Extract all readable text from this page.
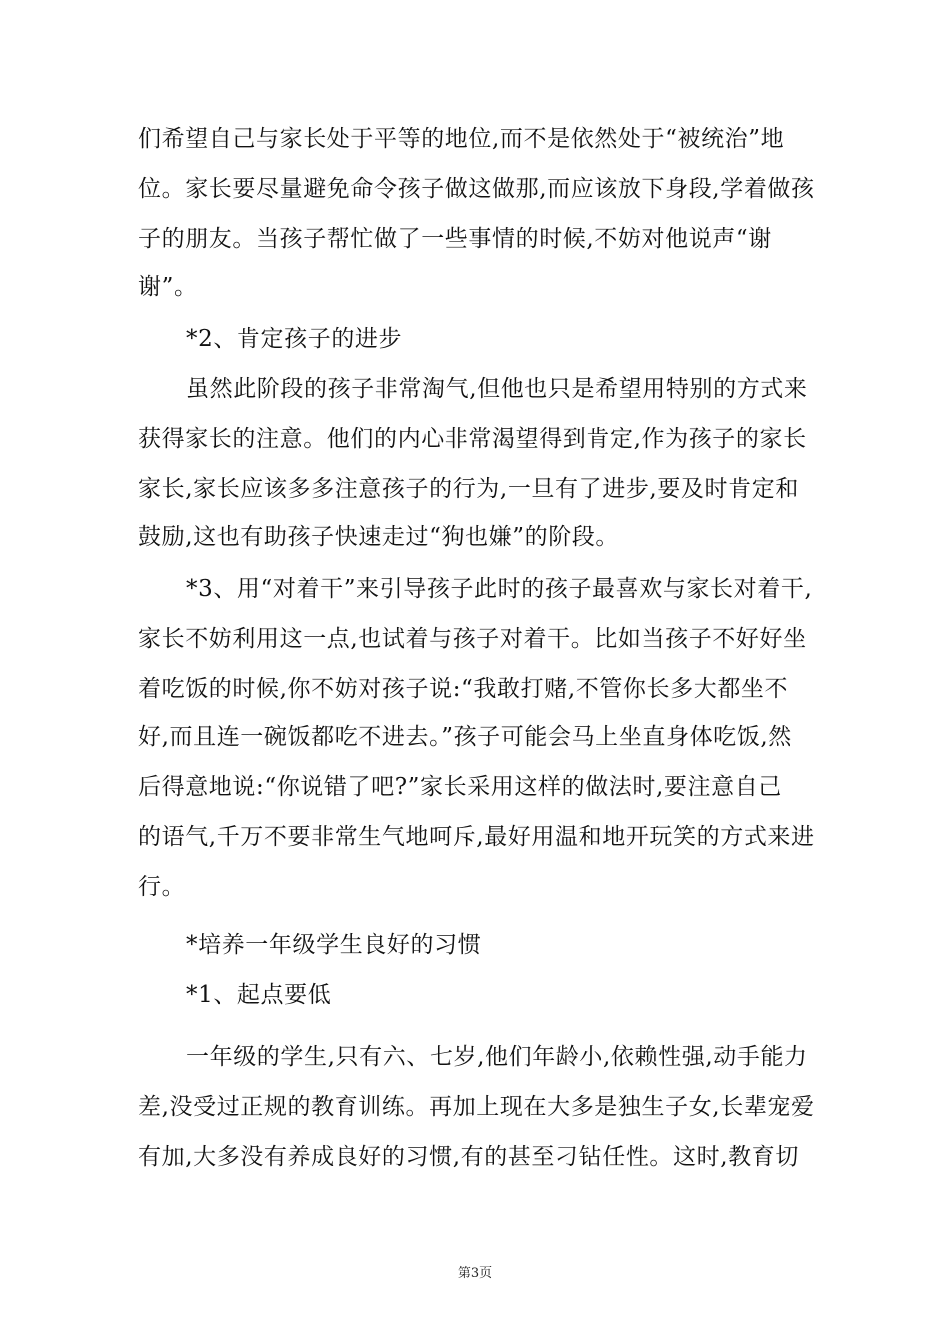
们希望自己与家长处于平等的地位,而不是依然处于“被统治”地
位。家长要尽量避免命令孩子做这做那,而应该放下身段,学着做孩
子的朋友。当孩子帮忙做了一些事情的时候,不妨对他说声“谢
谢”。
*2、肯定孩子的进步
虽然此阶段的孩子非常淘气,但他也只是希望用特别的方式来
获得家长的注意。他们的内心非常渴望得到肯定,作为孩子的家长
家长,家长应该多多注意孩子的行为,一旦有了进步,要及时肯定和
鼓励,这也有助孩子快速走过“狗也嫌”的阶段。
*3、用“对着干”来引导孩子此时的孩子最喜欢与家长对着干,
家长不妨利用这一点,也试着与孩子对着干。比如当孩子不好好坐
着吃饭的时候,你不妨对孩子说:“我敢打赌,不管你长多大都坐不
好,而且连一碗饭都吃不进去。”孩子可能会马上坐直身体吃饭,然
后得意地说:“你说错了吧?”家长采用这样的做法时,要注意自己
的语气,千万不要非常生气地呵斥,最好用温和地开玩笑的方式来进
行。
*培养一年级学生良好的习惯
*1、起点要低
一年级的学生,只有六、七岁,他们年龄小,依赖性强,动手能力
差,没受过正规的教育训练。再加上现在大多是独生子女,长辈宠爱
有加,大多没有养成良好的习惯,有的甚至刁钻任性。这时,教育切
第3页
